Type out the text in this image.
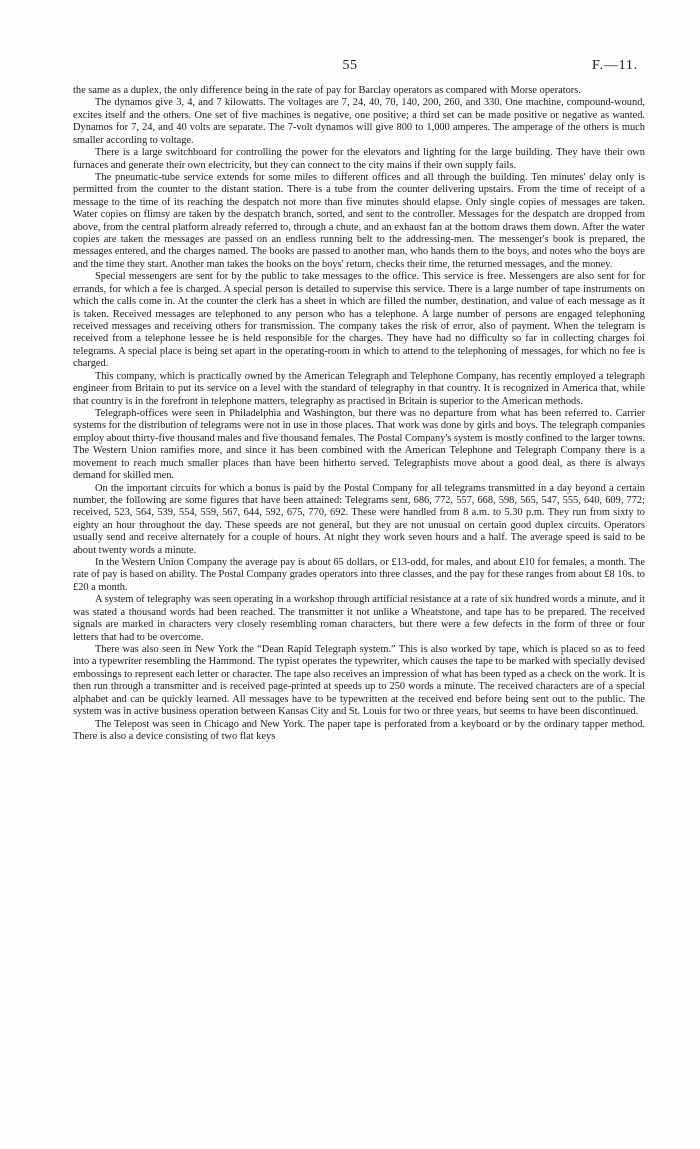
55	F.—11.

the same as a duplex, the only difference being in the rate of pay for Barclay operators as compared with Morse operators.

The dynamos give 3, 4, and 7 kilowatts. The voltages are 7, 24, 40, 70, 140, 200, 260, and 330. One machine, compound-wound, excites itself and the others. One set of five machines is negative, one positive; a third set can be made positive or negative as wanted. Dynamos for 7, 24, and 40 volts are separate. The 7-volt dynamos will give 800 to 1,000 amperes. The amperage of the others is much smaller according to voltage.

There is a large switchboard for controlling the power for the elevators and lighting for the large building. They have their own furnaces and generate their own electricity, but they can connect to the city mains if their own supply fails.

The pneumatic-tube service extends for some miles to different offices and all through the building. Ten minutes' delay only is permitted from the counter to the distant station. There is a tube from the counter delivering upstairs. From the time of receipt of a message to the time of its reaching the despatch not more than five minutes should elapse. Only single copies of messages are taken. Water copies on flimsy are taken by the despatch branch, sorted, and sent to the controller. Messages for the despatch are dropped from above, from the central platform already referred to, through a chute, and an exhaust fan at the bottom draws them down. After the water copies are taken the messages are passed on an endless running belt to the addressing-men. The messenger's book is prepared, the messages entered, and the charges named. The books are passed to another man, who hands them to the boys, and notes who the boys are and the time they start. Another man takes the books on the boys' return, checks their time, the returned messages, and the money.

Special messengers are sent for by the public to take messages to the office. This service is free. Messengers are also sent for for errands, for which a fee is charged. A special person is detailed to supervise this service. There is a large number of tape instruments on which the calls come in. At the counter the clerk has a sheet in which are filled the number, destination, and value of each message as it is taken. Received messages are telephoned to any person who has a telephone. A large number of persons are engaged telephoning received messages and receiving others for transmission. The company takes the risk of error, also of payment. When the telegram is received from a telephone lessee he is held responsible for the charges. They have had no difficulty so far in collecting charges foi telegrams. A special place is being set apart in the operating-room in which to attend to the telephoning of messages, for which no fee is charged.

This company, which is practically owned by the American Telegraph and Telephone Company, has recently employed a telegraph engineer from Britain to put its service on a level with the standard of telegraphy in that country. It is recognized in America that, while that country is in the forefront in telephone matters, telegraphy as practised in Britain is superior to the American methods.

Telegraph-offices were seen in Philadelphia and Washington, but there was no departure from what has been referred to. Carrier systems for the distribution of telegrams were not in use in those places. That work was done by girls and boys. The telegraph companies employ about thirty-five thousand males and five thousand females. The Postal Company's system is mostly confined to the larger towns. The Western Union ramifies more, and since it has been combined with the American Telephone and Telegraph Company there is a movement to reach much smaller places than have been hitherto served. Telegraphists move about a good deal, as there is always demand for skilled men.

On the important circuits for which a bonus is paid by the Postal Company for all telegrams transmitted in a day beyond a certain number, the following are some figures that have been attained: Telegrams sent, 686, 772, 557, 668, 598, 565, 547, 555, 640, 609, 772; received, 523, 564, 539, 554, 559, 567, 644, 592, 675, 770, 692. These were handled from 8 a.m. to 5.30 p.m. They run from sixty to eighty an hour throughout the day. These speeds are not general, but they are not unusual on certain good duplex circuits. Operators usually send and receive alternately for a couple of hours. At night they work seven hours and a half. The average speed is said to be about twenty words a minute.

In the Western Union Company the average pay is about 65 dollars, or £13-odd, for males, and about £10 for females, a month. The rate of pay is based on ability. The Postal Company grades operators into three classes, and the pay for these ranges from about £8 10s. to £20 a month.

A system of telegraphy was seen operating in a workshop through artificial resistance at a rate of six hundred words a minute, and it was stated a thousand words had been reached. The transmitter it not unlike a Wheatstone, and tape has to be prepared. The received signals are marked in characters very closely resembling roman characters, but there were a few defects in the form of three or four letters that had to be overcome.

There was also seen in New York the “Dean Rapid Telegraph system.” This is also worked by tape, which is placed so as to feed into a typewriter resembling the Hammond. The typist operates the typewriter, which causes the tape to be marked with specially devised embossings to represent each letter or character. The tape also receives an impression of what has been typed as a check on the work. It is then run through a transmitter and is received page-printed at speeds up to 250 words a minute. The received characters are of a special alphabet and can be quickly learned. All messages have to be typewritten at the received end before being sent out to the public. The system was in active business operation between Kansas City and St. Louis for two or three years, but seems to have been discontinued.

The Telepost was seen in Chicago and New York. The paper tape is perforated from a keyboard or by the ordinary tapper method. There is also a device consisting of two flat keys
